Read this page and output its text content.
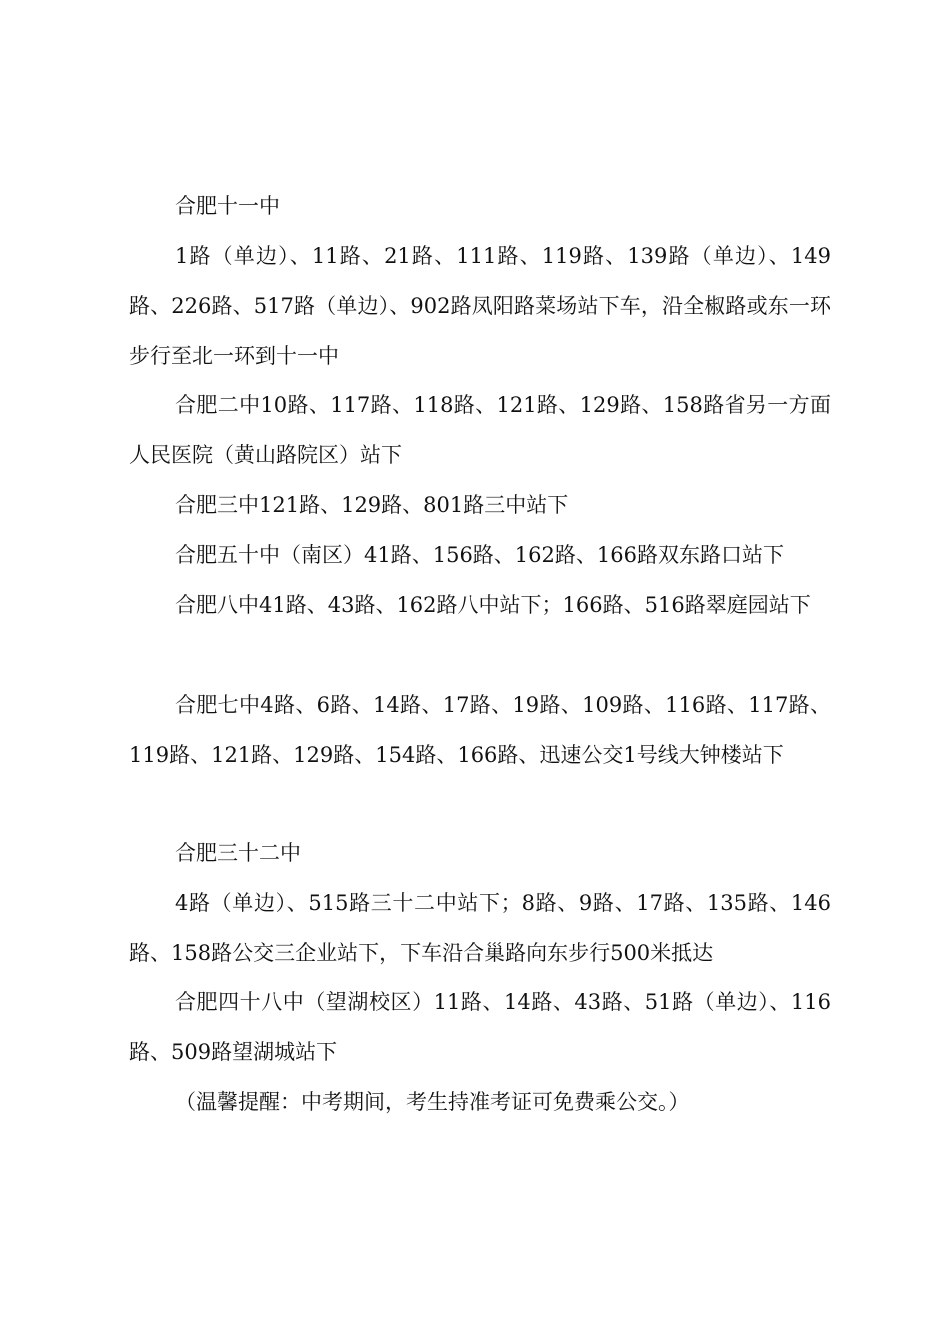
合肥十一中

1路（单边）、11路、21路、111路、119路、139路（单边）、149路、226路、517路（单边）、902路凤阳路菜场站下车，沿全椒路或东一环步行至北一环到十一中

合肥二中10路、117路、118路、121路、129路、158路省另一方面人民医院（黄山路院区）站下

合肥三中121路、129路、801路三中站下

合肥五十中（南区）41路、156路、162路、166路双东路口站下

合肥八中41路、43路、162路八中站下；166路、516路翠庭园站下

合肥七中4路、6路、14路、17路、19路、109路、116路、117路、119路、121路、129路、154路、166路、迅速公交1号线大钟楼站下

合肥三十二中

4路（单边）、515路三十二中站下；8路、9路、17路、135路、146路、158路公交三企业站下，下车沿合巢路向东步行500米抵达

合肥四十八中（望湖校区）11路、14路、43路、51路（单边）、116路、509路望湖城站下

（温馨提醒：中考期间，考生持准考证可免费乘公交。）
